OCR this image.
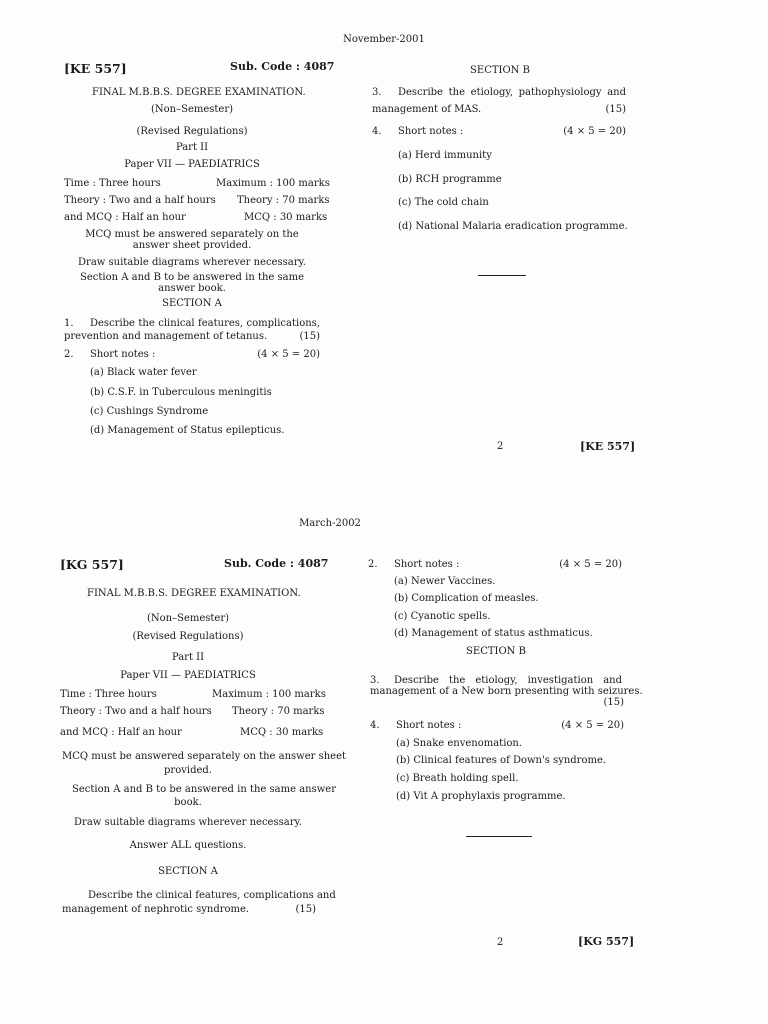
November-2001
[KE 557]	Sub. Code : 4087
FINAL M.B.B.S. DEGREE EXAMINATION.
(Non–Semester)
(Revised Regulations)
Part II
Paper VII — PAEDIATRICS
Time : Three hours	Maximum : 100 marks
Theory : Two and a half hours Theory : 70 marks
and MCQ : Half an hour	MCQ : 30 marks
MCQ must be answered separately on the
answer sheet provided.
Draw suitable diagrams wherever necessary.
Section A and B to be answered in the same
answer book.
SECTION A
1. Describe the clinical features, complications,
prevention and management of tetanus.	(15)
2. Short notes :	(4 × 5 = 20)
(a) Black water fever
(b) C.S.F. in Tuberculous meningitis
(c) Cushings Syndrome
(d) Management of Status epilepticus.
SECTION B
3. Describe the etiology, pathophysiology and
management of MAS.	(15)
4. Short notes :	(4 × 5 = 20)
(a) Herd immunity
(b) RCH programme
(c) The cold chain
(d) National Malaria eradication programme.
2	[KE 557]
March-2002
[KG 557]	Sub. Code : 4087
FINAL M.B.B.S. DEGREE EXAMINATION.
(Non–Semester)
(Revised Regulations)
Part II
Paper VII — PAEDIATRICS
Time : Three hours	Maximum : 100 marks
Theory : Two and a half hours Theory : 70 marks
and MCQ : Half an hour	MCQ : 30 marks
MCQ must be answered separately on the answer sheet
provided.
Section A and B to be answered in the same answer
book.
Draw suitable diagrams wherever necessary.
Answer ALL questions.
SECTION A
Describe the clinical features, complications and
management of nephrotic syndrome.	(15)
2. Short notes :	(4 × 5 = 20)
(a) Newer Vaccines.
(b) Complication of measles.
(c) Cyanotic spells.
(d) Management of status asthmaticus.
SECTION B
3. Describe the etiology, investigation and
management of a New born presenting with seizures.
(15)
4. Short notes :	(4 × 5 = 20)
(a) Snake envenomation.
(b) Clinical features of Down's syndrome.
(c) Breath holding spell.
(d) Vit A prophylaxis programme.
2	[KG 557]
